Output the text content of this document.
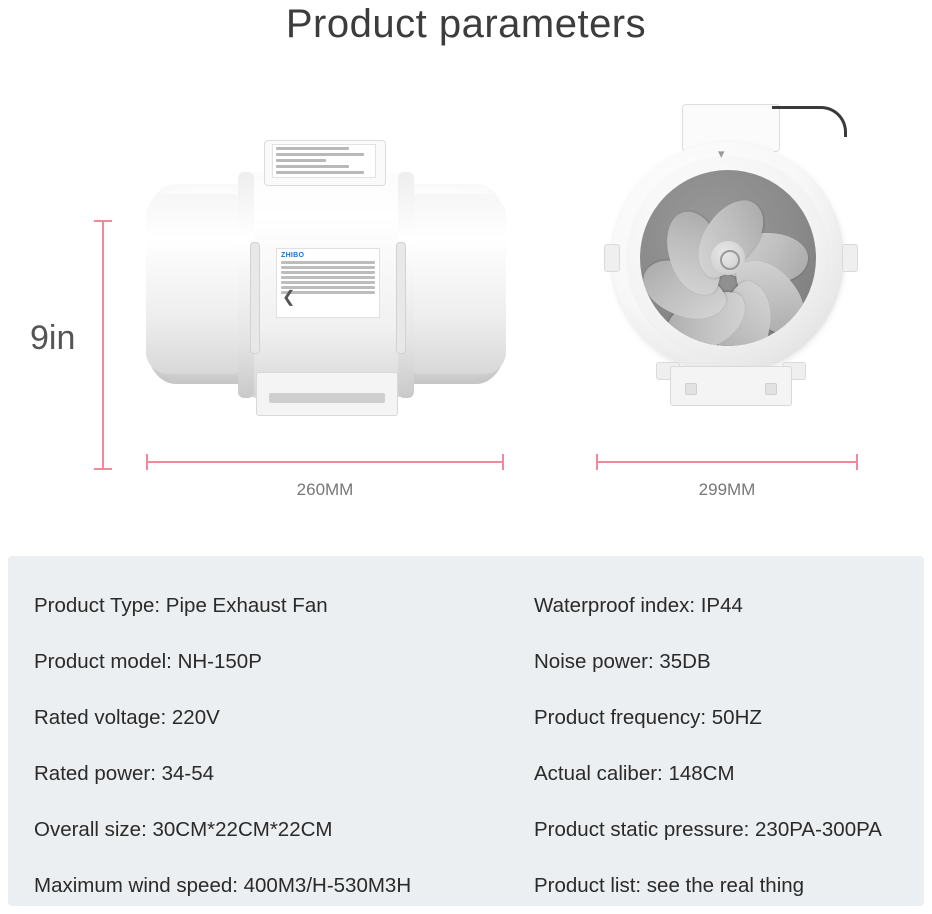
Product parameters
9in
ZHIBO
❮
▾
260MM	299MM
Product Type: Pipe Exhaust Fan	Waterproof index: IP44
Product model: NH-150P	Noise power: 35DB
Rated voltage: 220V	Product frequency: 50HZ
Rated power: 34-54	Actual caliber: 148CM
Overall size: 30CM*22CM*22CM	Product static pressure: 230PA-300PA
Maximum wind speed: 400M3/H-530M3H	Product list: see the real thing
